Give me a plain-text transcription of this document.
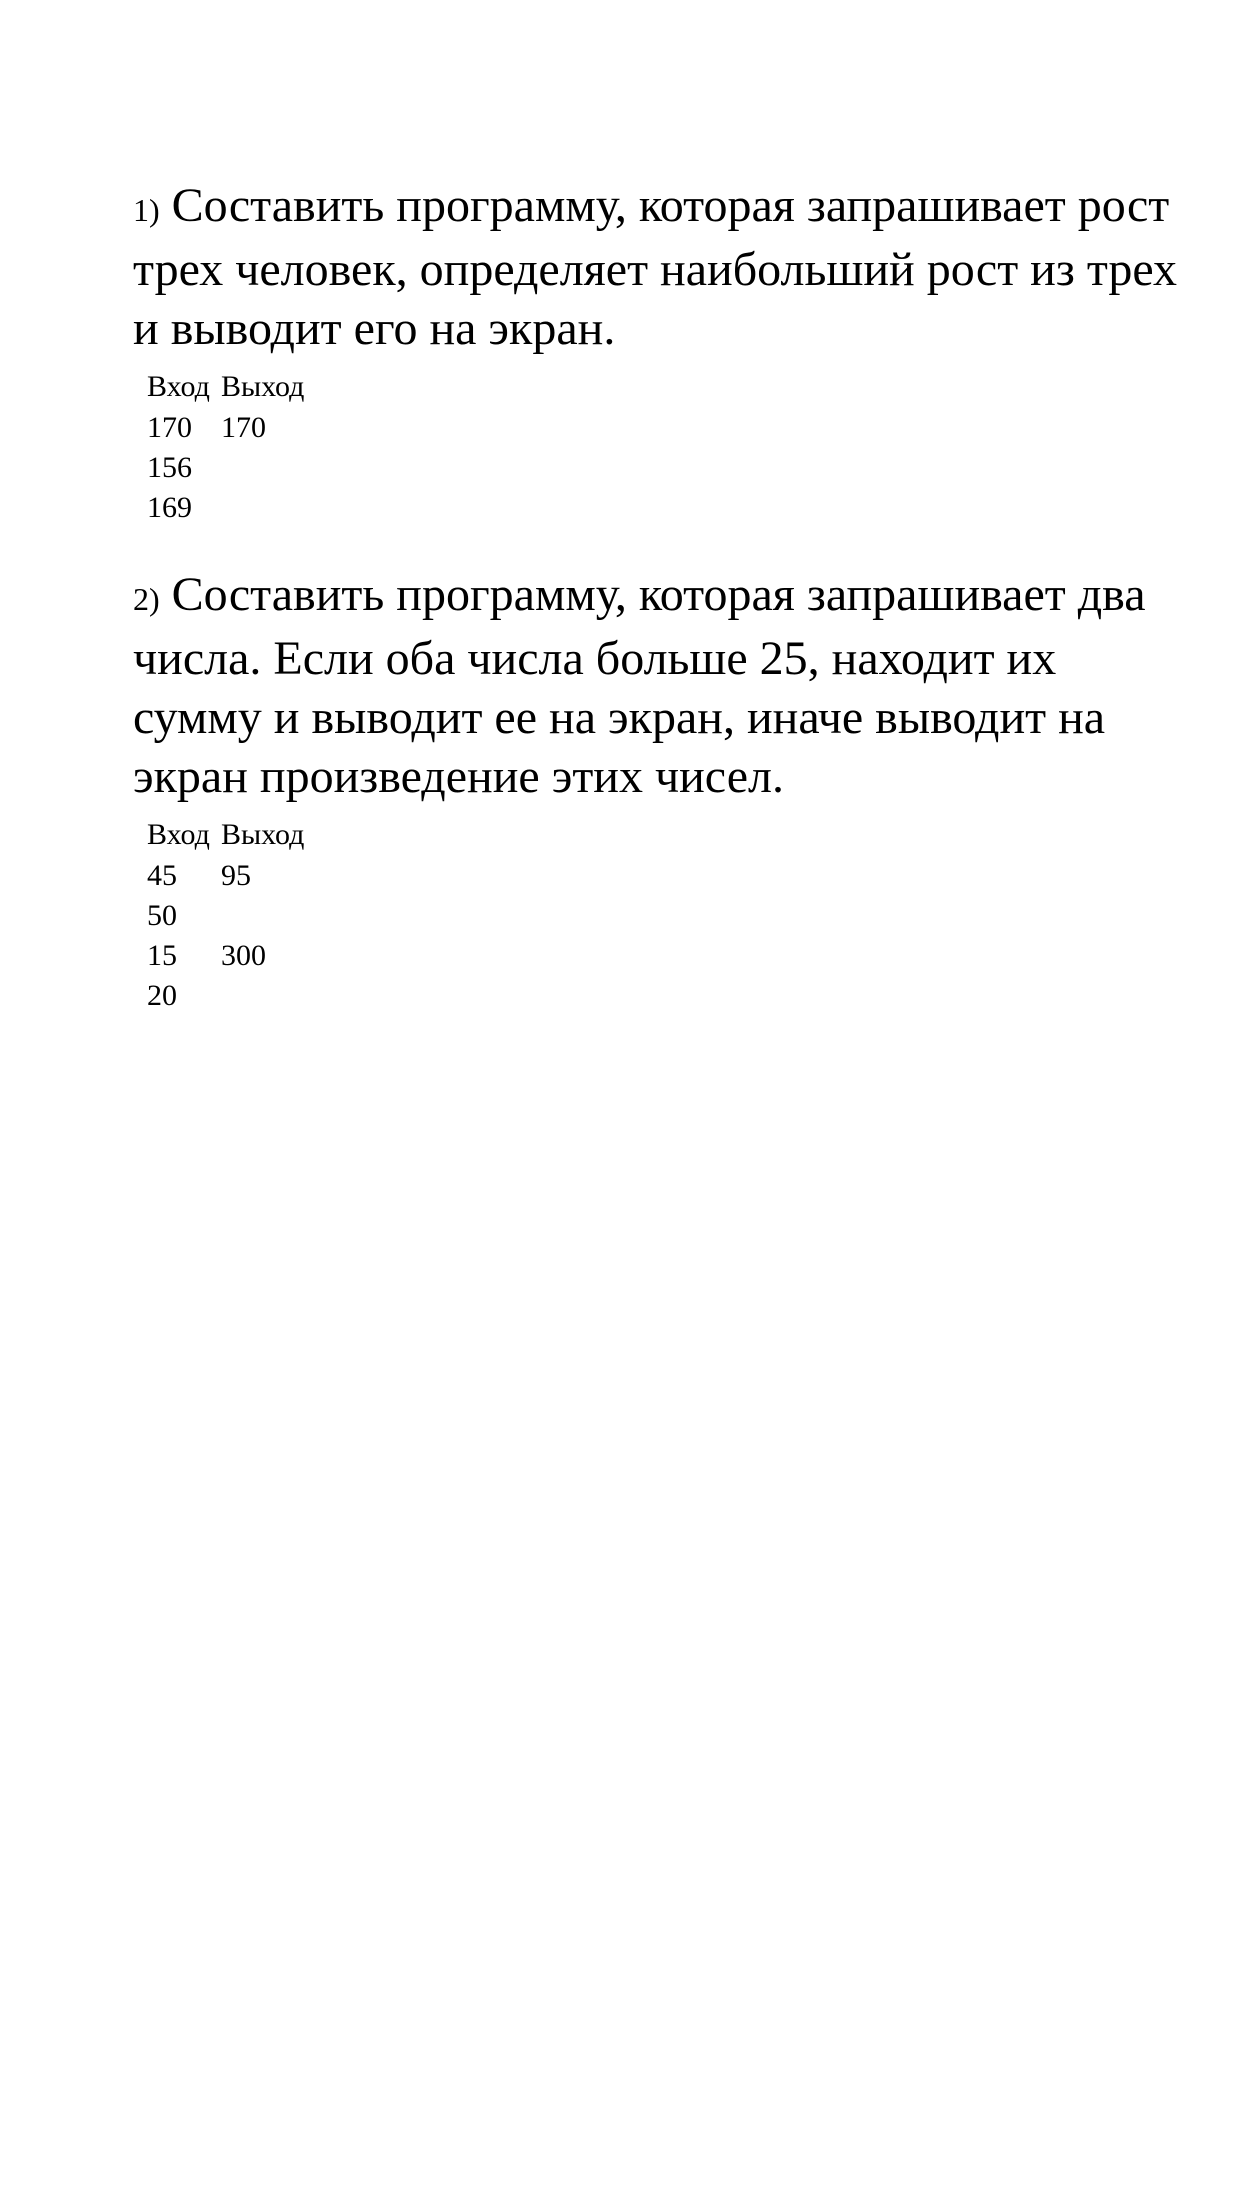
1) Составить программу, которая запрашивает рост трех человек, определяет наибольший рост из трех и выводит его на экран.

Вход	Выход
170	170
156	
169	

2) Составить программу, которая запрашивает два числа. Если оба числа больше 25, находит их сумму и выводит ее на экран, иначе выводит на экран произведение этих чисел.

Вход	Выход
45	95
50	
15	300
20	
